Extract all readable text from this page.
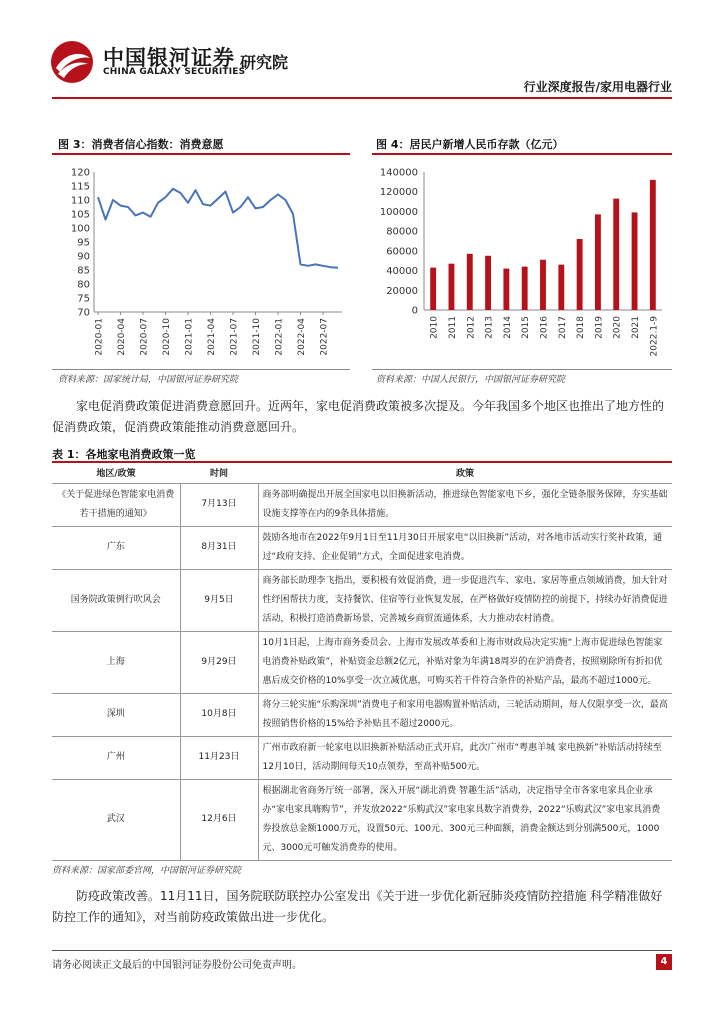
中国银河证券
CHINA GALAXY SECURITIES
研究院
行业深度报告/家用电器行业
图 3：消费者信心指数：消费意愿	图 4：居民户新增人民币存款（亿元）
120
115
110
105
100
95
90
85
80
75
70
2020-01 2020-04 2020-07 2020-10 2021-01 2021-04 2021-07 2021-10 2022-01 2022-04 2022-07
140000
120000
100000
80000
60000
40000
20000
0
2010 2011 2012 2013 2014 2015 2016 2017 2018 2019 2020 2021 2022.1-9
资料来源：国家统计局，中国银河证券研究院	资料来源：中国人民银行，中国银河证券研究院
家电促消费政策促进消费意愿回升。近两年，家电促消费政策被多次提及。今年我国多个地区也推出了地方性的促消费政策，促消费政策能推动消费意愿回升。
表 1：各地家电消费政策一览
地区/政策	时间	政策
《关于促进绿色智能家电消费若干措施的通知》	7月13日	商务部明确提出开展全国家电以旧换新活动，推进绿色智能家电下乡，强化全链条服务保障，夯实基础设施支撑等在内的9条具体措施。
广东	8月31日	鼓励各地市在2022年9月1日至11月30日开展家电“以旧换新”活动，对各地市活动实行奖补政策，通过“政府支持、企业促销”方式，全面促进家电消费。
国务院政策例行吹风会	9月5日	商务部长助理李飞指出，要积极有效促消费，进一步促进汽车、家电、家居等重点领域消费，加大针对性纾困帮扶力度，支持餐饮、住宿等行业恢复发展，在严格做好疫情防控的前提下，持续办好消费促进活动，积极打造消费新场景，完善城乡商贸流通体系，大力推动农村消费。
上海	9月29日	10月1日起，上海市商务委员会、上海市发展改革委和上海市财政局决定实施“上海市促进绿色智能家电消费补贴政策”，补贴资金总额2亿元，补贴对象为年满18周岁的在沪消费者，按照剔除所有折扣优惠后成交价格的10%享受一次立减优惠，可购买若干件符合条件的补贴产品，最高不超过1000元。
深圳	10月8日	将分三轮实施“乐购深圳”消费电子和家用电器购置补贴活动，三轮活动期间，每人仅限享受一次，最高按照销售价格的15%给予补贴且不超过2000元。
广州	11月23日	广州市政府新一轮家电以旧换新补贴活动正式开启，此次广州市“粤惠羊城 家电换新”补贴活动持续至12月10日，活动期间每天10点领券，至高补贴500元。
武汉	12月6日	根据湖北省商务厅统一部署，深入开展“湖北消费 智趣生活”活动，决定指导全市各家电家具企业承办“家电家具嗨购节”，并发放2022“乐购武汉”家电家具数字消费券，2022“乐购武汉”家电家具消费券投放总金额1000万元，设置50元、100元、300元三种面额，消费金额达到分别满500元，1000元、3000元可触发消费券的使用。
资料来源：国家部委官网，中国银河证券研究院
防疫政策改善。11月11日，国务院联防联控办公室发出《关于进一步优化新冠肺炎疫情防控措施 科学精准做好防控工作的通知》，对当前防疫政策做出进一步优化。
请务必阅读正文最后的中国银河证券股份公司免责声明。	4
